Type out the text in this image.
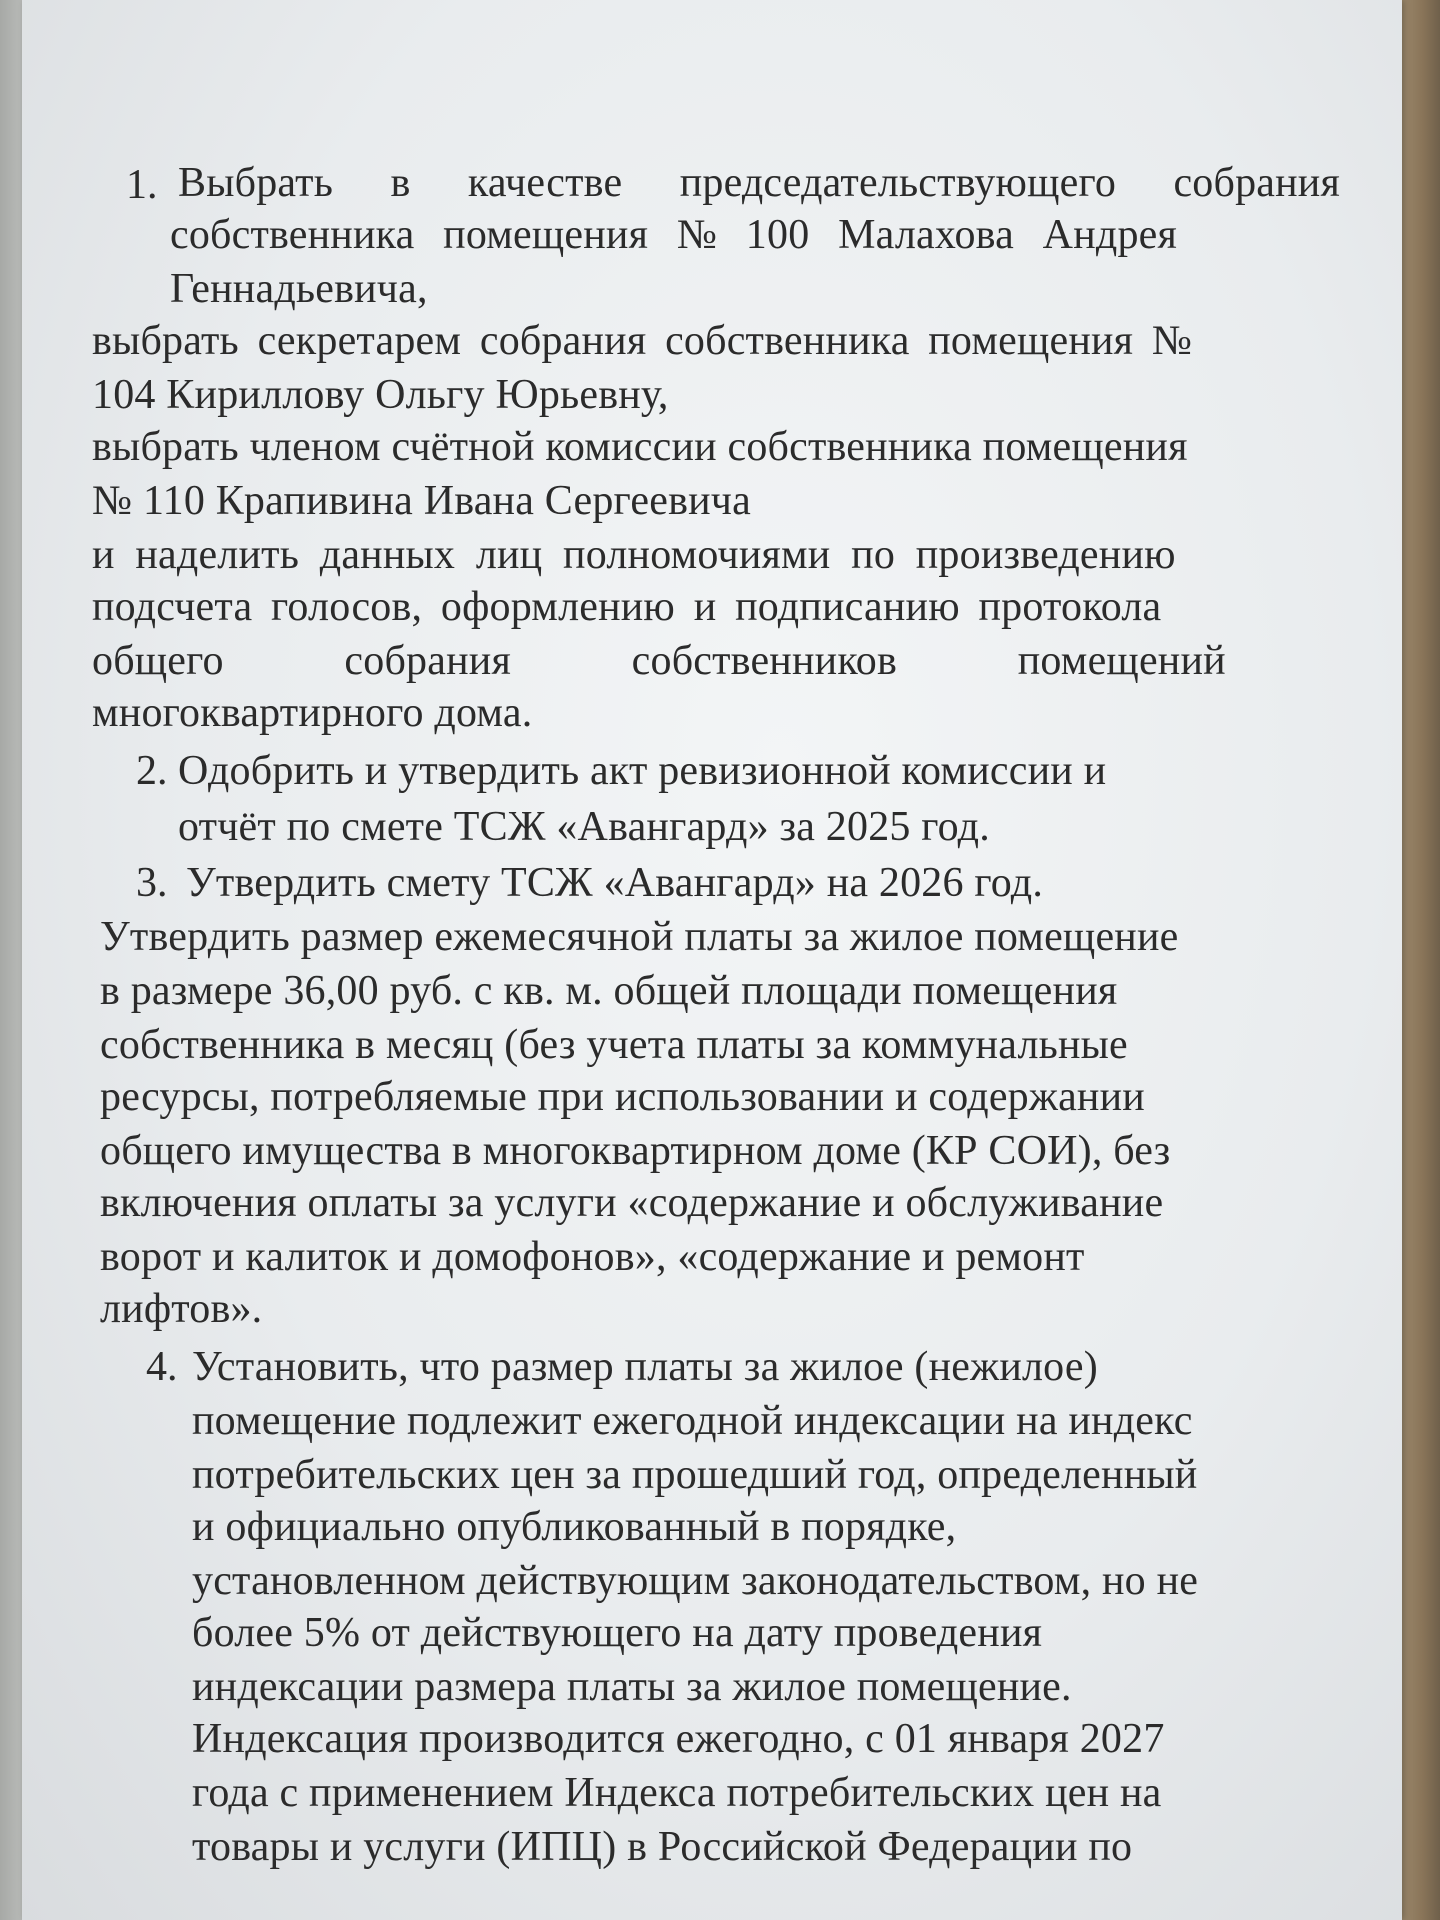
1. Выбрать в качестве председательствующего собрания

собственника помещения № 100 Малахова Андрея

Геннадьевича,

выбрать секретарем собрания собственника помещения №

104 Кириллову Ольгу Юрьевну,

выбрать членом счётной комиссии собственника помещения

№ 110 Крапивина Ивана Сергеевича

и наделить данных лиц полномочиями по произведению

подсчета голосов, оформлению и подписанию протокола

общего собрания собственников помещений

многоквартирного дома.

2. Одобрить и утвердить акт ревизионной комиссии и

отчёт по смете ТСЖ «Авангард» за 2025 год.

3. Утвердить смету ТСЖ «Авангард» на 2026 год.

Утвердить размер ежемесячной платы за жилое помещение

в размере 36,00 руб. с кв. м. общей площади помещения

собственника в месяц (без учета платы за коммунальные

ресурсы, потребляемые при использовании и содержании

общего имущества в многоквартирном доме (КР СОИ), без

включения оплаты за услуги «содержание и обслуживание

ворот и калиток и домофонов», «содержание и ремонт

лифтов».

4. Установить, что размер платы за жилое (нежилое)

помещение подлежит ежегодной индексации на индекс

потребительских цен за прошедший год, определенный

и официально опубликованный в порядке,

установленном действующим законодательством, но не

более 5% от действующего на дату проведения

индексации размера платы за жилое помещение.

Индексация производится ежегодно, с 01 января 2027

года с применением Индекса потребительских цен на

товары и услуги (ИПЦ) в Российской Федерации по
